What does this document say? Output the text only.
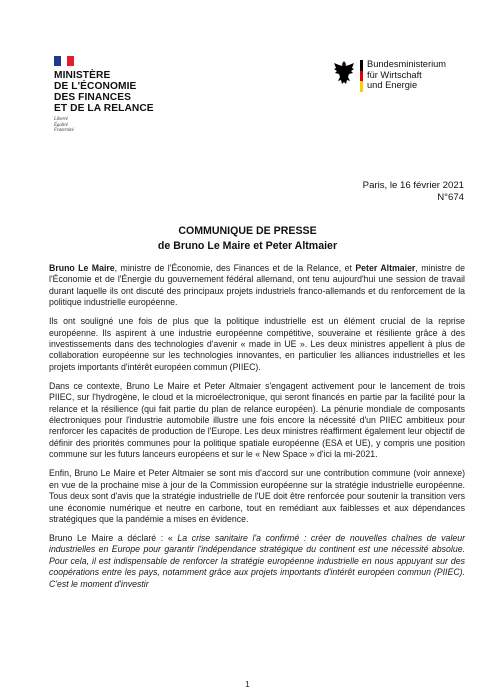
MINISTÈRE
DE L'ÉCONOMIE
DES FINANCES
ET DE LA RELANCE
Liberté
Égalité
Fraternité
Bundesministerium
für Wirtschaft
und Energie
Paris, le 16 février 2021
N°674
COMMUNIQUE DE PRESSE
de Bruno Le Maire et Peter Altmaier

Bruno Le Maire, ministre de l'Économie, des Finances et de la Relance, et Peter Altmaier, ministre de l'Économie et de l'Énergie du gouvernement fédéral allemand, ont tenu aujourd'hui une session de travail durant laquelle ils ont discuté des principaux projets industriels franco-allemands et du renforcement de la politique industrielle européenne.

Ils ont souligné une fois de plus que la politique industrielle est un élément crucial de la reprise européenne. Ils aspirent à une industrie européenne compétitive, souveraine et résiliente grâce à des investissements dans des technologies d'avenir « made in UE ». Les deux ministres appellent à plus de collaboration européenne sur les technologies innovantes, en particulier les alliances industrielles et les projets importants d'intérêt européen commun (PIIEC).

Dans ce contexte, Bruno Le Maire et Peter Altmaier s'engagent activement pour le lancement de trois PIIEC, sur l'hydrogène, le cloud et la microélectronique, qui seront financés en partie par la facilité pour la relance et la résilience (qui fait partie du plan de relance européen). La pénurie mondiale de composants électroniques pour l'industrie automobile illustre une fois encore la nécessité d'un PIIEC ambitieux pour renforcer les capacités de production de l'Europe. Les deux ministres réaffirment également leur objectif de définir des priorités communes pour la politique spatiale européenne (ESA et UE), y compris une position commune sur les futurs lanceurs européens et sur le « New Space » d'ici la mi-2021.

Enfin, Bruno Le Maire et Peter Altmaier se sont mis d'accord sur une contribution commune (voir annexe) en vue de la prochaine mise à jour de la Commission européenne sur la stratégie industrielle européenne. Tous deux sont d'avis que la stratégie industrielle de l'UE doit être renforcée pour soutenir la transition vers une économie numérique et neutre en carbone, tout en remédiant aux faiblesses et aux dépendances stratégiques que la pandémie a mises en évidence.

Bruno Le Maire a déclaré : « La crise sanitaire l'a confirmé : créer de nouvelles chaînes de valeur industrielles en Europe pour garantir l'indépendance stratégique du continent est une nécessité absolue. Pour cela, il est indispensable de renforcer la stratégie européenne industrielle en nous appuyant sur des coopérations entre les pays, notamment grâce aux projets importants d'intérêt européen commun (PIIEC). C'est le moment d'investir

1
